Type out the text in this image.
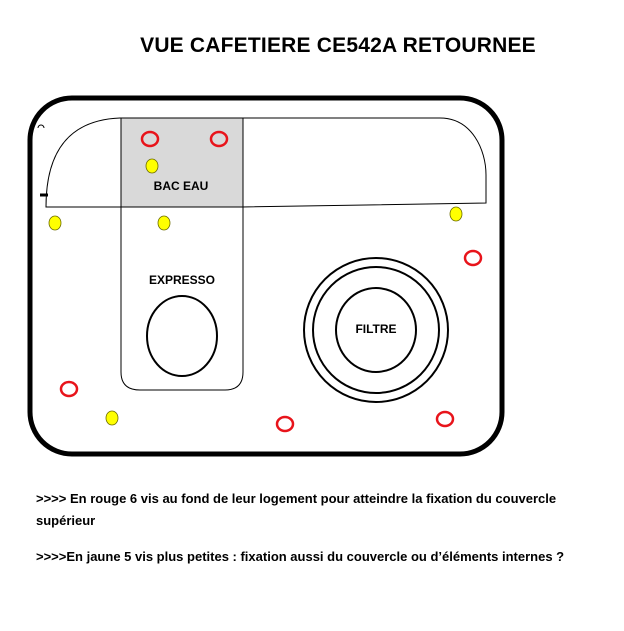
VUE CAFETIERE CE542A RETOURNEE
BAC EAU
EXPRESSO
FILTRE
>>>> En rouge 6 vis au fond de leur logement pour atteindre la fixation du couvercle supérieur
>>>>En jaune 5 vis plus petites : fixation aussi du couvercle ou d’éléments internes ?
